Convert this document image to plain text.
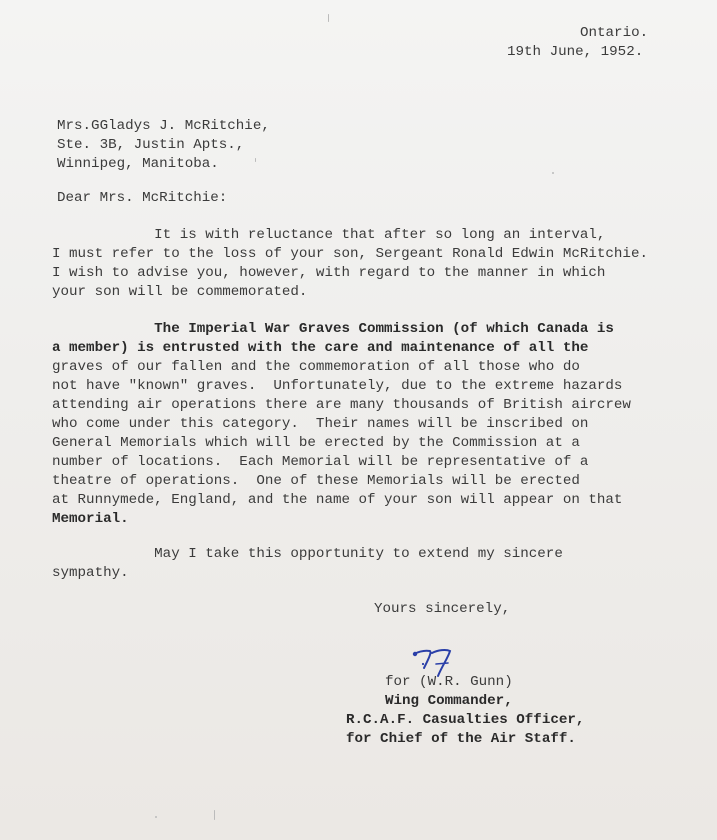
Ontario.
19th June, 1952.
Mrs.GGladys J. McRitchie,
Ste. 3B, Justin Apts.,
Winnipeg, Manitoba.
Dear Mrs. McRitchie:
It is with reluctance that after so long an interval,
I must refer to the loss of your son, Sergeant Ronald Edwin McRitchie.
I wish to advise you, however, with regard to the manner in which
your son will be commemorated.
The Imperial War Graves Commission (of which Canada is
a member) is entrusted with the care and maintenance of all the
graves of our fallen and the commemoration of all those who do
not have "known" graves.  Unfortunately, due to the extreme hazards
attending air operations there are many thousands of British aircrew
who come under this category.  Their names will be inscribed on
General Memorials which will be erected by the Commission at a
number of locations.  Each Memorial will be representative of a
theatre of operations.  One of these Memorials will be erected
at Runnymede, England, and the name of your son will appear on that
Memorial.
May I take this opportunity to extend my sincere
sympathy.
Yours sincerely,
for (W.R. Gunn)
Wing Commander,
R.C.A.F. Casualties Officer,
for Chief of the Air Staff.
